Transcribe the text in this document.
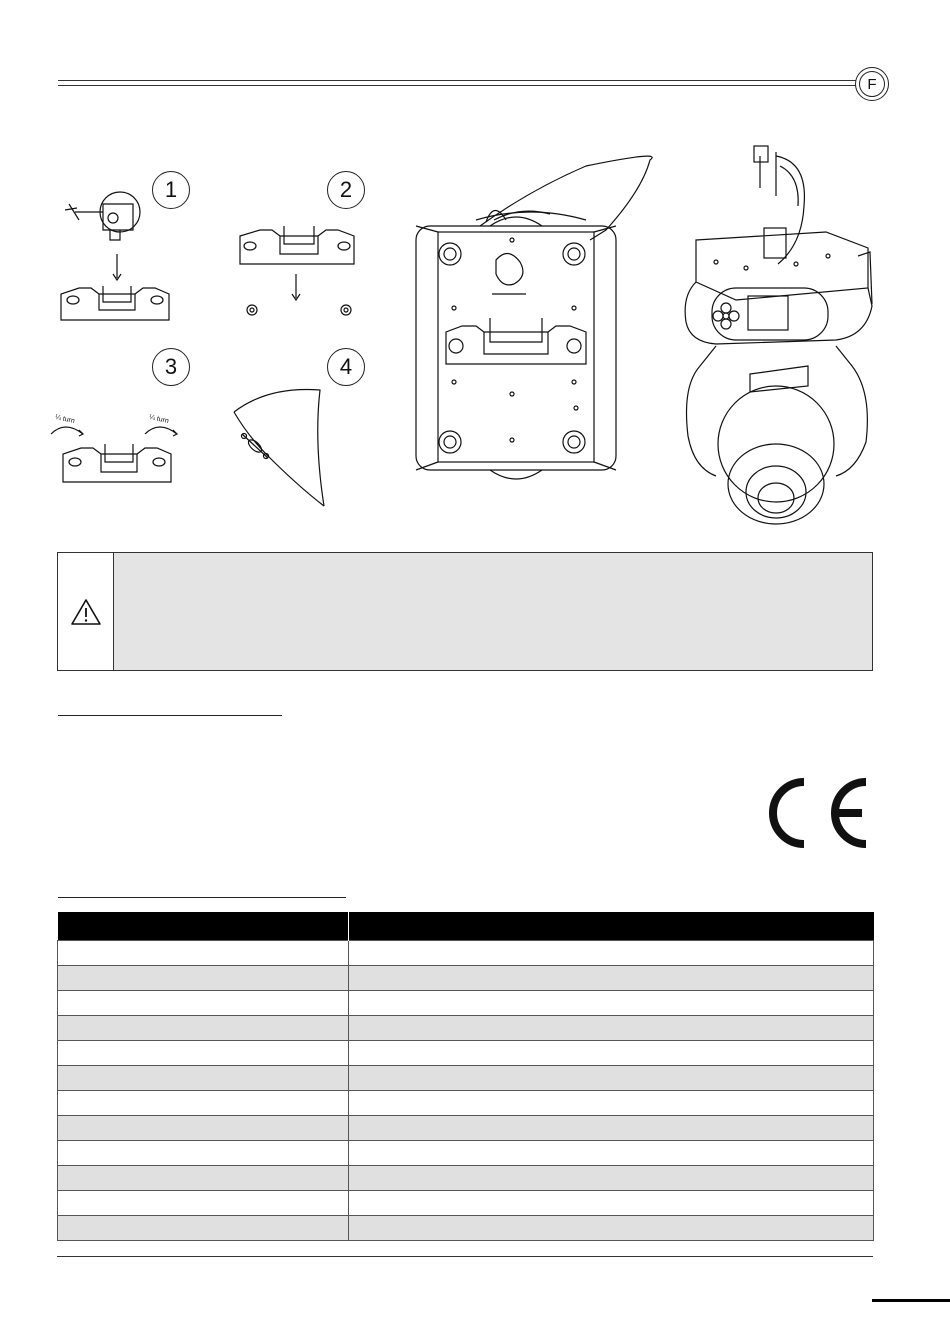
F
1	2
3	4
¼ turn	¼ turn
